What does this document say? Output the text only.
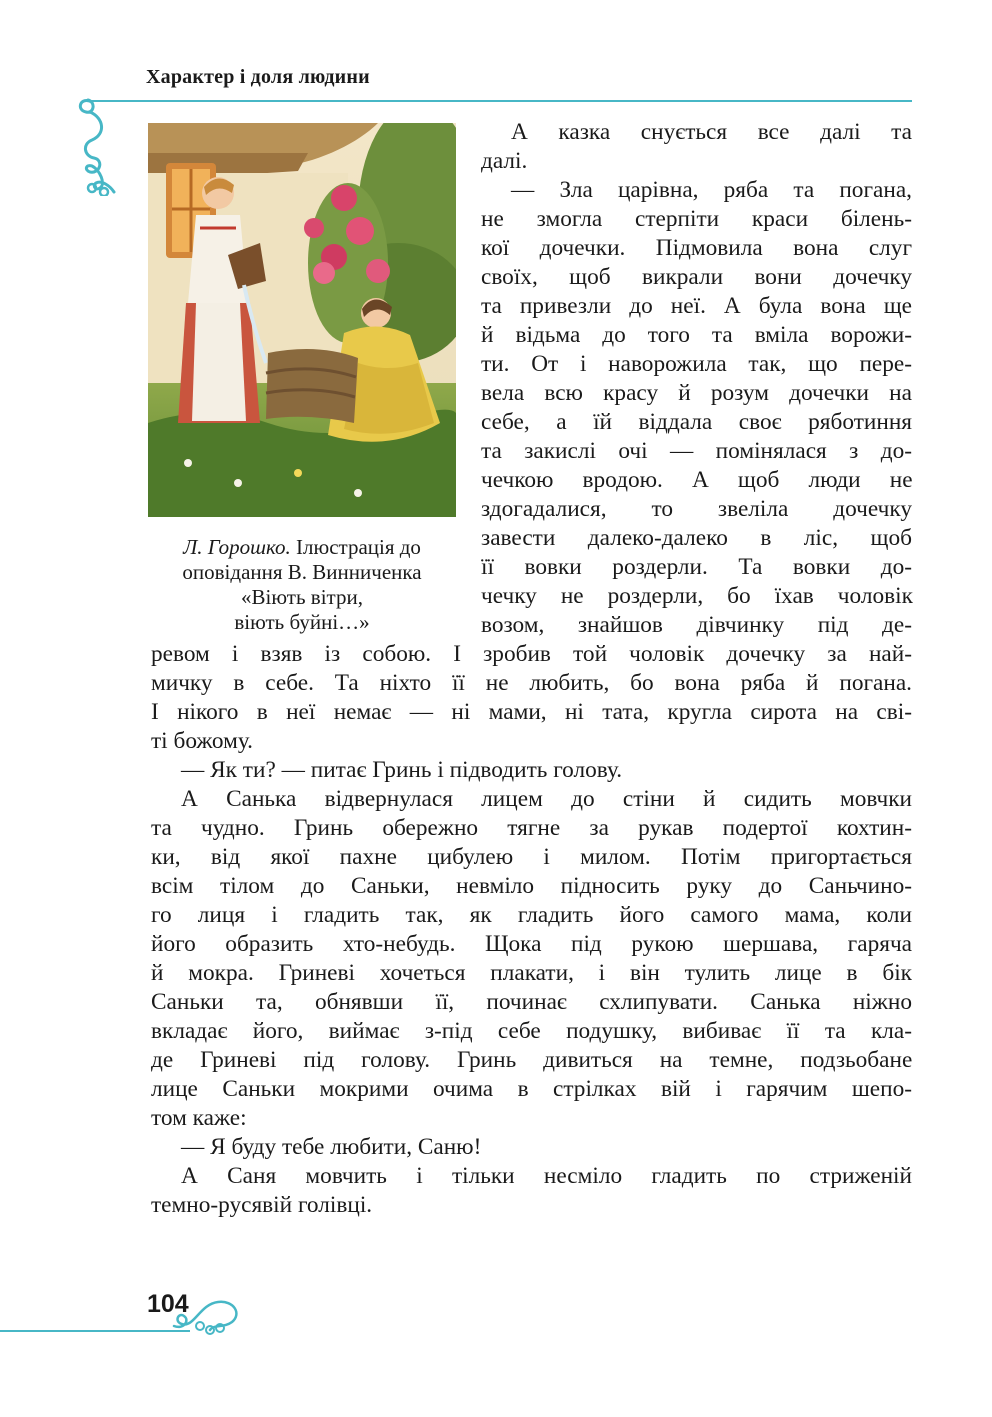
Характер і доля людини
Л. Горошко. Ілюстрація до
оповідання В. Винниченка
«Віють вітри,
віють буйні…»
А казка снується все далі та
далі.
— Зла царівна, ряба та погана,
не змогла стерпіти краси білень-
кої дочечки. Підмовила вона слуг
своїх, щоб викрали вони дочечку
та привезли до неї. А була вона ще
й відьма до того та вміла ворожи-
ти. От і наворожила так, що пере-
вела всю красу й розум дочечки на
себе, а їй віддала своє ряботиння
та закислі очі — помінялася з до-
чечкою вродою. А щоб люди не
здогадалися, то звеліла дочечку
завести далеко-далеко в ліс, щоб
її вовки роздерли. Та вовки до-
чечку не роздерли, бо їхав чоловік
возом, знайшов дівчинку під де-
ревом і взяв із собою. І зробив той чоловік дочечку за най-
мичку в себе. Та ніхто її не любить, бо вона ряба й погана.
І нікого в неї немає — ні мами, ні тата, кругла сирота на сві-
ті божому.
— Як ти? — питає Гринь і підводить голову.
А Санька відвернулася лицем до стіни й сидить мовчки
та чудно. Гринь обережно тягне за рукав подертої кохтин-
ки, від якої пахне цибулею і милом. Потім пригортається
всім тілом до Саньки, невміло підносить руку до Саньчино-
го лиця і гладить так, як гладить його самого мама, коли
його образить хто-небудь. Щока під рукою шершава, гаряча
й мокра. Гриневі хочеться плакати, і він тулить лице в бік
Саньки та, обнявши її, починає схлипувати. Санька ніжно
вкладає його, виймає з-під себе подушку, вибиває її та кла-
де Гриневі під голову. Гринь дивиться на темне, подзьобане
лице Саньки мокрими очима в стрілках вій і гарячим шепо-
том каже:
— Я буду тебе любити, Саню!
А Саня мовчить і тільки несміло гладить по стриженій
темно-русявій голівці.
104
